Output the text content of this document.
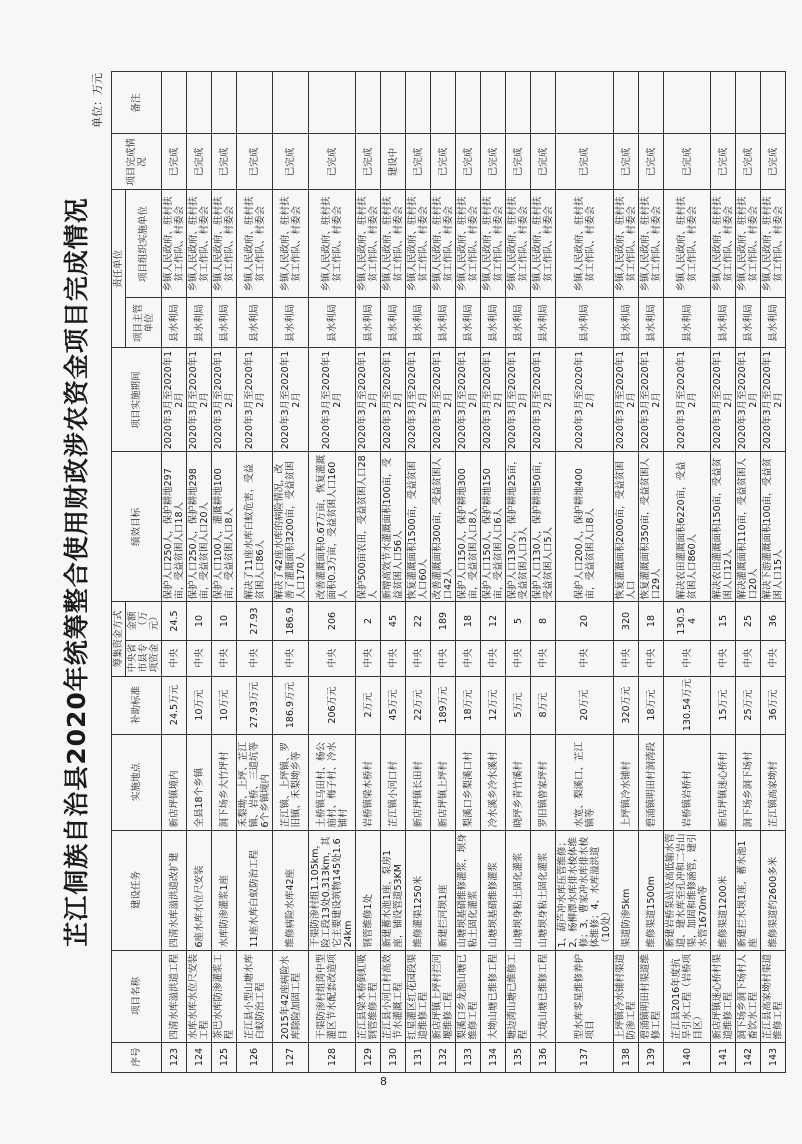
芷江侗族自治县2020年统筹整合使用财政涉农资金项目完成情况
单位：万元
序号	项目名称	建设任务	实施地点	补助标准	筹集资金方式		绩效目标	项目实施期间	责任单位		项目完成情况	备注
					中央省市县专项资金	金额（万元）			项目主管单位	项目组织实施单位		
123	四清水库溢洪道工程	四清水库溢洪道改扩建	新店坪镇境内	24.5万元	中央	24.5	保护人口250人，保护耕地297亩，受益贫困人口18人	2020年3月至2020年12月	县水利局	乡镇人民政府、驻村扶贫工作队、村委会	已完成	
124	水库水库水位尺安装工程	6座水库水位尺安装	全县18个乡镇	10万元	中央	10	保护人口250人，保护耕地298亩，受益贫困人口20人	2020年3月至2020年12月	县水利局	乡镇人民政府、驻村扶贫工作队、村委会	已完成	
125	茶巴水库防渗灌浆工程	水库防渗灌浆1座	洞下场乡大竹坪村	10万元	中央	10	保护人口100人，灌溉耕地100亩，受益贫困人口8人	2020年3月至2020年12月	县水利局	乡镇人民政府、驻村扶贫工作队、村委会	已完成	
126	芷江县小型山塘水库白蚁防治工程	11座水库白蚁防治工程	禾梨坳、上坪、芷江镇、岩桥、三道坑等6个乡镇境内	27.93万元	中央	27.93	解决了11座水库白蚁危害，受益贫困人口86人	2020年3月至2020年12月	县水利局	乡镇人民政府、驻村扶贫工作队、村委会	已完成	
127	2015年42座病险水库除险加固工程	维修病险水库42座	芷江镇、上坪镇、罗旧镇、禾梨坳乡等	186.9万元	中央	186.9	解决了42座水库的病险情况，改善了灌溉面积3200亩，受益贫困人口170人	2020年3月至2020年12月	县水利局	乡镇人民政府、驻村扶贫工作队、村委会	已完成	
128	干渠防渗村组湾中型灌区节水配套改造项目	干渠防渗村组1.105km，险工段13处0.313km，其它主要建设筑物145处1.624km	土桥镇马田村、杨公庙村、梅子村、冷水铺村	206万元	中央	206	改善灌溉面积0.67万亩，恢复灌溉面积0.3万亩，受益贫困人口160人	2020年3月至2020年12月	县水利局	乡镇人民政府、驻村扶贫工作队、村委会	已完成	
129	芷江县梁木桥倒虹吸钢管维修工程	钢管维修1处	岩桥镇梁木桥村	2万元	中央	2	保护500亩农田，受益贫困人口28人	2020年3月至2020年12月	县水利局	乡镇人民政府、驻村扶贫工作队、村委会	已完成	
130	芷江县小河口村高效节水灌溉工程	新建蓄水池1座，泵房1座，铺设管道53KM	芷江镇小河口村	45万元	中央	45	新增高效节水灌溉面积100亩，受益贫困人口56人	2020年3月至2020年12月	县水利局	乡镇人民政府、驻村扶贫工作队、村委会	建设中	
131	红星灌区红花园段渠道维修工程	维修灌渠1250米	新店坪镇长田村	22万元	中央	22	恢复灌溉面积1500亩，受益贫困人口60人	2020年3月至2020年12月	县水利局	乡镇人民政府、驻村扶贫工作队、村委会	已完成	
132	新店坪镇上坪村拦河堰维修工程	新建拦河坝1座	新店坪镇上坪村	189万元	中央	189	改善灌溉面积300亩，受益贫困人口42人	2020年3月至2020年12月	县水利局	乡镇人民政府、驻村扶贫工作队、村委会	已完成	
133	梨溪口乡龙池山塘已维修工程	山塘坝基硝维修灌浆，坝身粘土固化灌浆	梨溪口乡梨溪口村	18万元	中央	18	保护人口150人，保护耕地300亩，受益贫困人口8人	2020年3月至2020年12月	县水利局	乡镇人民政府、驻村扶贫工作队、村委会	已完成	
134	大坳山塘已维修工程	山塘坝基硝维修灌浆	冷水溪乡冷水溪村	12万元	中央	12	保护人口150人，保护耕地150亩，受益贫困人口6人	2020年3月至2020年12月	县水利局	乡镇人民政府、驻村扶贫工作队、村委会	已完成	
135	塘边湾山塘已维修工程	山塘坝身粘土固化灌浆	晓坪乡青竹溪村	5万元	中央	5	保护人口130人，保护耕地25亩，受益贫困人口3人	2020年3月至2020年12月	县水利局	乡镇人民政府、驻村扶贫工作队、村委会	已完成	
136	大垅山塘已维修工程	山塘坝身粘土固化灌浆	罗旧镇曾家坪村	8万元	中央	8	保护人口130人，保护耕地50亩，受益贫困人口5人	2020年3月至2020年12月	县水利局	乡镇人民政府、驻村扶贫工作队、村委会	已完成	
137	型水库零星维修养护项目	1、葫芦冲水库压管维修；2、杨柳潭水库排水棱体维修；3、曹家冲水库排水棱体维修；4、水库溢洪道（10处）	水宽、梨溪口、芷江镇等	20万元	中央	20	保护人口200人，保护耕地400亩，受益贫困人口8人	2020年3月至2020年12月	县水利局	乡镇人民政府、驻村扶贫工作队、村委会	已完成	
138	上坪镇冷水铺村渠道防渗工程	渠道防渗5km	上坪镇冷水铺村	320万元	中央	320	恢复灌溉面积2000亩，受益贫困人口	2020年3月至2020年12月	县水利局	乡镇人民政府、驻村扶贫工作队、村委会	已完成	
139	碧涌镇明田村渠道维修工程	维修渠道1500m	碧涌镇明田村洞湾段	18万元	中央	18	恢复灌溉面积350亩，受益贫困人口29人	2020年3月至2020年12月	县水利局	乡镇人民政府、驻村扶贫工作队、村委会	已完成	
140	芷江县2016年度抗旱引水工程（岩桥项目区）	新建岩桥泵站及高低输水管道、建水库至孔冲和二岩山渠，加固和维修涵管，建引水管1670m等	岩桥镇岩桥村	130.54万元	中央	130.54	解决农田灌溉面积6220亩，受益贫困人口860人	2020年3月至2020年12月	县水利局	乡镇人民政府、驻村扶贫工作队、村委会	已完成	
141	新店坪镇迷心桥村渠道维修工程	维修渠道1200米	新店坪镇迷心桥村	15万元	中央	15	解决农田灌溉面积150亩，受益贫困人口12人	2020年3月至2020年12月	县水利局	乡镇人民政府、驻村扶贫工作队、村委会	已完成	
142	洞下场乡洞下场村人畜饮水工程	新建拦水坝1座，蓄水池1座	洞下场乡洞下场村	25万元	中央	25	解决灌溉面积110亩，受益贫困人口20人	2020年3月至2020年12月	县水利局	乡镇人民政府、驻村扶贫工作队、村委会	已完成	
143	芷江县高家坳村渠道维修工程	维修渠道约2600多米	芷江镇高家坳村	36万元	中央	36	解决下游灌溉面积100亩，受益贫困人口15人	2020年3月至2020年12月	县水利局	乡镇人民政府、驻村扶贫工作队、村委会	已完成	
8
